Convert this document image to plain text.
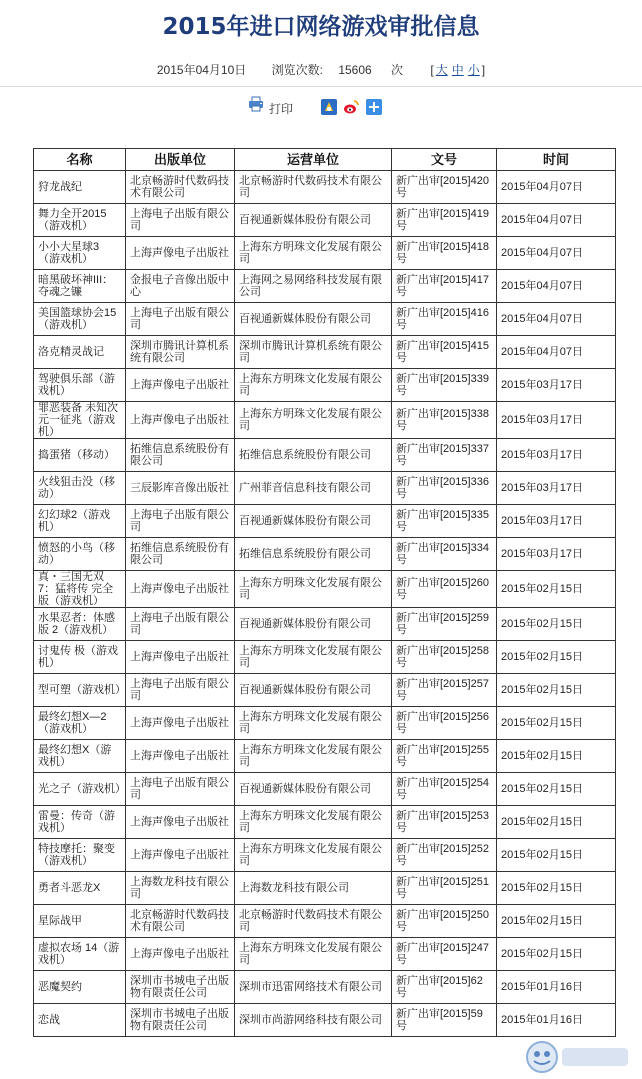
2015年进口网络游戏审批信息
2015年04月10日 浏览次数: 15606 次 [ 大 中 小 ]
打印
名称	出版单位	运营单位	文号	时间
狩龙战纪	北京畅游时代数码技术有限公司	北京畅游时代数码技术有限公司	新广出审[2015]420号	2015年04月07日
舞力全开2015（游戏机）	上海电子出版有限公司	百视通新媒体股份有限公司	新广出审[2015]419号	2015年04月07日
小小大星球3（游戏机）	上海声像电子出版社	上海东方明珠文化发展有限公司	新广出审[2015]418号	2015年04月07日
暗黑破坏神III：夺魂之镰	金报电子音像出版中心	上海网之易网络科技发展有限公司	新广出审[2015]417号	2015年04月07日
美国篮球协会15（游戏机）	上海电子出版有限公司	百视通新媒体股份有限公司	新广出审[2015]416号	2015年04月07日
洛克精灵战记	深圳市腾讯计算机系统有限公司	深圳市腾讯计算机系统有限公司	新广出审[2015]415号	2015年04月07日
驾驶俱乐部（游戏机）	上海声像电子出版社	上海东方明珠文化发展有限公司	新广出审[2015]339号	2015年03月17日
罪恶装备 未知次元一征兆（游戏机）	上海声像电子出版社	上海东方明珠文化发展有限公司	新广出审[2015]338号	2015年03月17日
捣蛋猪（移动）	拓维信息系统股份有限公司	拓维信息系统股份有限公司	新广出审[2015]337号	2015年03月17日
火线狙击没（移动）	三辰影库音像出版社	广州菲音信息科技有限公司	新广出审[2015]336号	2015年03月17日
幻幻球2（游戏机）	上海电子出版有限公司	百视通新媒体股份有限公司	新广出审[2015]335号	2015年03月17日
愤怒的小鸟（移动）	拓维信息系统股份有限公司	拓维信息系统股份有限公司	新广出审[2015]334号	2015年03月17日
真・三国无双7：猛将传 完全版（游戏机）	上海声像电子出版社	上海东方明珠文化发展有限公司	新广出审[2015]260号	2015年02月15日
水果忍者：体感版 2（游戏机）	上海电子出版有限公司	百视通新媒体股份有限公司	新广出审[2015]259号	2015年02月15日
讨鬼传 极（游戏机）	上海声像电子出版社	上海东方明珠文化发展有限公司	新广出审[2015]258号	2015年02月15日
型可塑（游戏机）	上海电子出版有限公司	百视通新媒体股份有限公司	新广出审[2015]257号	2015年02月15日
最终幻想X—2（游戏机）	上海声像电子出版社	上海东方明珠文化发展有限公司	新广出审[2015]256号	2015年02月15日
最终幻想X（游戏机）	上海声像电子出版社	上海东方明珠文化发展有限公司	新广出审[2015]255号	2015年02月15日
光之子（游戏机）	上海电子出版有限公司	百视通新媒体股份有限公司	新广出审[2015]254号	2015年02月15日
雷曼：传奇（游戏机）	上海声像电子出版社	上海东方明珠文化发展有限公司	新广出审[2015]253号	2015年02月15日
特技摩托：聚变（游戏机）	上海声像电子出版社	上海东方明珠文化发展有限公司	新广出审[2015]252号	2015年02月15日
勇者斗恶龙X	上海数龙科技有限公司	上海数龙科技有限公司	新广出审[2015]251号	2015年02月15日
星际战甲	北京畅游时代数码技术有限公司	北京畅游时代数码技术有限公司	新广出审[2015]250号	2015年02月15日
虚拟农场 14（游戏机）	上海声像电子出版社	上海东方明珠文化发展有限公司	新广出审[2015]247号	2015年02月15日
恶魔契约	深圳市书城电子出版物有限责任公司	深圳市迅雷网络技术有限公司	新广出审[2015]62号	2015年01月16日
恋战	深圳市书城电子出版物有限责任公司	深圳市尚游网络科技有限公司	新广出审[2015]59号	2015年01月16日
